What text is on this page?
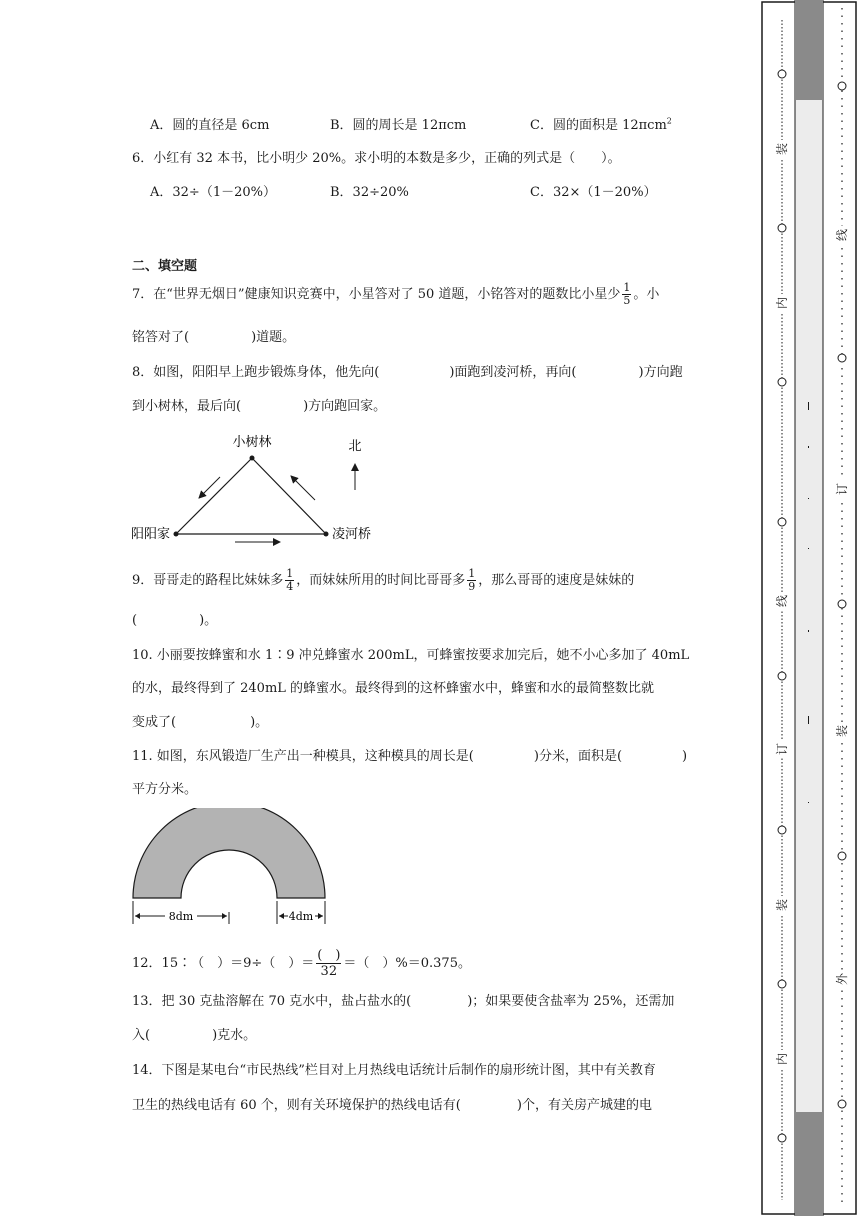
A．圆的直径是 6cm	B．圆的周长是 12πcm	C．圆的面积是 12πcm$^2$
6．小红有 32 本书，比小明少 20%。求小明的本数是多少，正确的列式是（　　）。
A．32÷（1－20%）	B．32÷20%	C．32×（1－20%）
二、填空题
7．在“世界无烟日”健康知识竞赛中，小星答对了 50 道题，小铭答对的题数比小星少 $\frac{1}{5}$ 。小
铭答对了(	)道题。
8．如图，阳阳早上跑步锻炼身体，他先向(	)面跑到凌河桥，再向(	)方向跑
到小树林，最后向(	)方向跑回家。
小树林
阳阳家	凌河桥
北
9．哥哥走的路程比妹妹多 $\frac{1}{4}$ ，而妹妹所用的时间比哥哥多 $\frac{1}{9}$ ，那么哥哥的速度是妹妹的
(	)。
10. 小丽要按蜂蜜和水 1∶9 冲兑蜂蜜水 200mL，可蜂蜜按要求加完后，她不小心多加了 40mL
的水，最终得到了 240mL 的蜂蜜水。最终得到的这杯蜂蜜水中，蜂蜜和水的最简整数比就
变成了(	)。
11. 如图，东风锻造厂生产出一种模具，这种模具的周长是(	)分米，面积是(	)
平方分米。
8dm	4dm
12．15∶（　）＝9÷（　）＝ $\frac{( )}{32}$ ＝（　）%＝0.375。
13．把 30 克盐溶解在 70 克水中，盐占盐水的(	)；如果要使含盐率为 25%，还需加
入(	)克水。
14．下图是某电台“市民热线”栏目对上月热线电话统计后制作的扇形统计图，其中有关教育
卫生的热线电话有 60 个，则有关环境保护的热线电话有(	)个，有关房产城建的电
装
内
订
线
装
内
线
订
装
外
